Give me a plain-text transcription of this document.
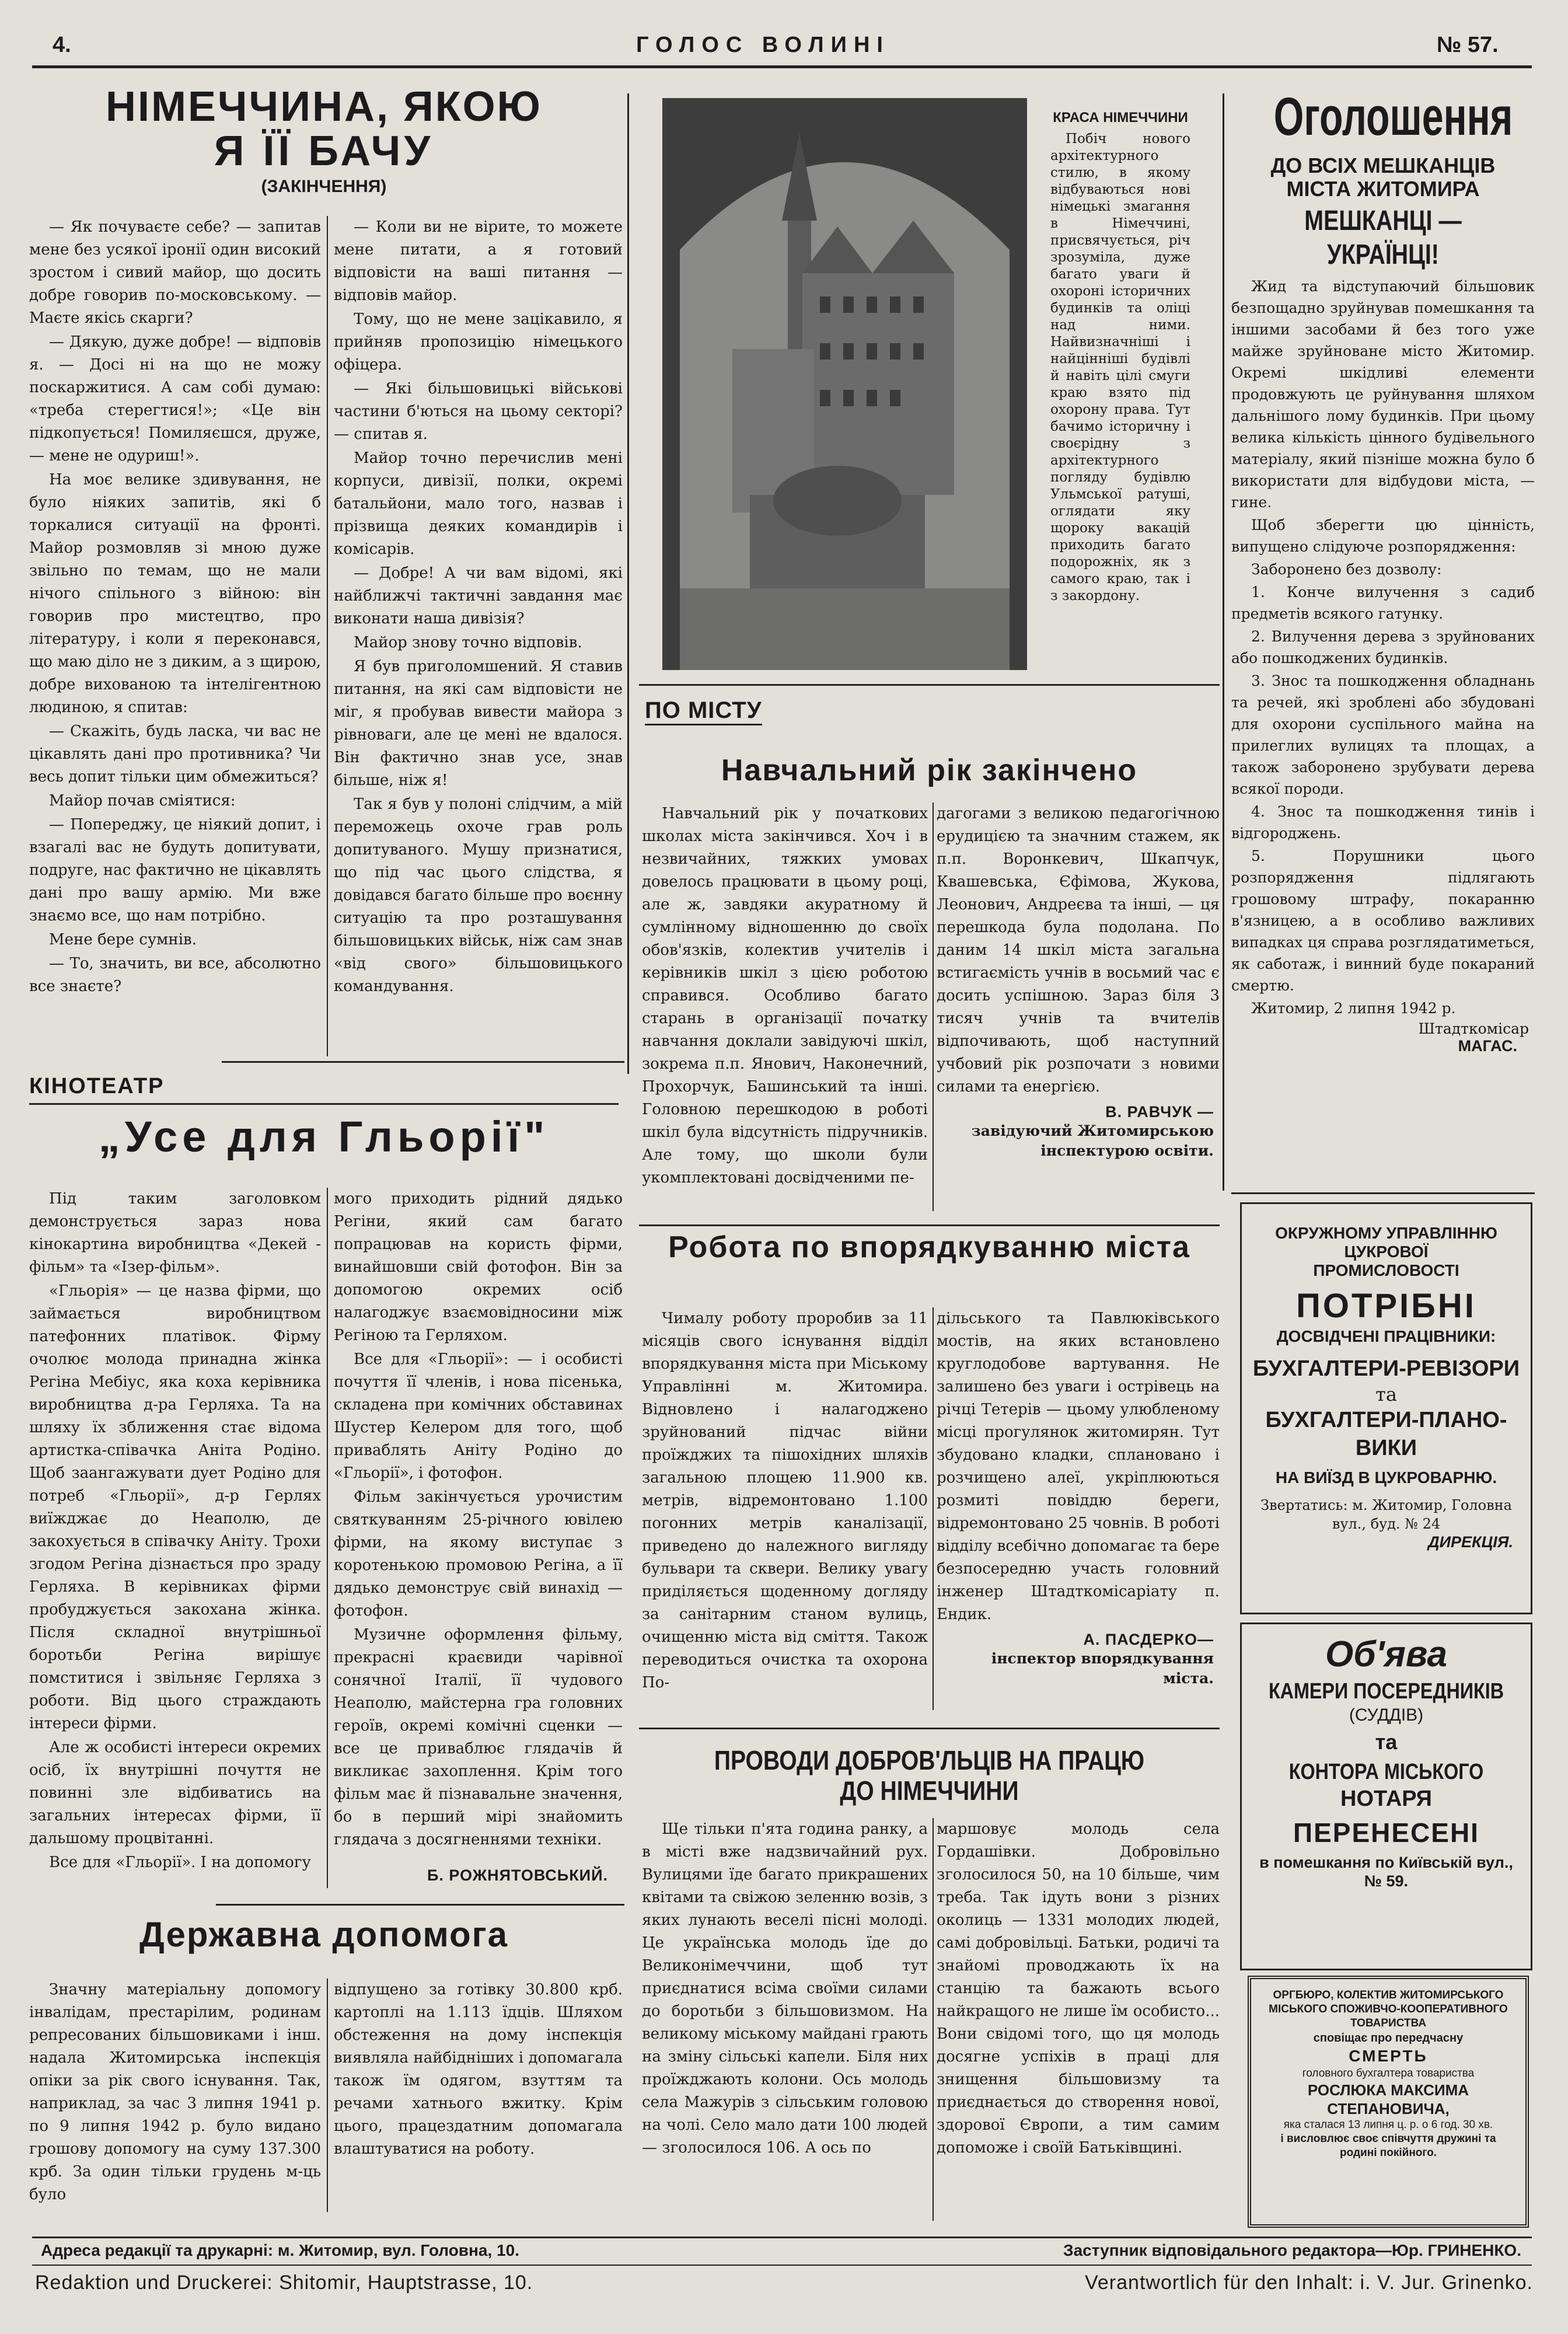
4.	ГОЛОС ВОЛИНІ	№ 57.
НІМЕЧЧИНА, ЯКОЮ
Я ЇЇ БАЧУ
(ЗАКІНЧЕННЯ)

— Як почуваєте себе? — запитав мене без усякої іронії один високий зростом і сивий майор, що досить добре говорив по-московському. — Маєте якісь скарги?

— Дякую, дуже добре! — відповів я. — Досі ні на що не можу поскаржитися. А сам собі думаю: «треба стерегтися!»; «Це він підкопується! Помиляєшся, друже, — мене не одуриш!».

На моє велике здивування, не було ніяких запитів, які б торкалися ситуації на фронті. Майор розмовляв зі мною дуже звільно по темам, що не мали нічого спільного з війною: він говорив про мистецтво, про літературу, і коли я переконався, що маю діло не з диким, а з щирою, добре вихованою та інтелігентною людиною, я спитав:

— Скажіть, будь ласка, чи вас не цікавлять дані про противника? Чи весь допит тільки цим обмежиться?

Майор почав сміятися:

— Попереджу, це ніякий допит, і взагалі вас не будуть допитувати, подруге, нас фактично не цікавлять дані про вашу армію. Ми вже знаємо все, що нам потрібно.

Мене бере сумнів.

— То, значить, ви все, абсолютно все знаєте?

— Коли ви не вірите, то можете мене питати, а я готовий відповісти на ваші питання — відповів майор.

Тому, що не мене зацікавило, я прийняв пропозицію німецького офіцера.

— Які більшовицькі військові частини б'ються на цьому секторі? — спитав я.

Майор точно перечислив мені корпуси, дивізії, полки, окремі батальйони, мало того, назвав і прізвища деяких командирів і комісарів.

— Добре! А чи вам відомі, які найближчі тактичні завдання має виконати наша дивізія?

Майор знову точно відповів.

Я був приголомшений. Я ставив питання, на які сам відповісти не міг, я пробував вивести майора з рівноваги, але це мені не вдалося. Він фактично знав усе, знав більше, ніж я!

Так я був у полоні слідчим, а мій переможець охоче грав роль допитуваного. Мушу признатися, що під час цього слідства, я довідався багато більше про воєнну ситуацію та про розташування більшовицьких військ, ніж сам знав «від свого» більшовицького командування.

КІНОТЕАТР
„Усе для Гльорії"

Під таким заголовком демонструється зараз нова кінокартина виробництва «Декей - фільм» та «Ізер-фільм».

«Гльорія» — це назва фірми, що займається виробництвом патефонних платівок. Фірму очолює молода принадна жінка Регіна Мебіус, яка коха керівника виробництва д-ра Герляха. Та на шляху їх зближення стає відома артистка-співачка Аніта Родіно. Щоб заангажувати дует Родіно для потреб «Гльорії», д-р Герлях виїжджає до Неаполю, де закохується в співачку Аніту. Трохи згодом Регіна дізнається про зраду Герляха. В керівниках фірми пробуджується закохана жінка. Після складної внутрішньої боротьби Регіна вирішує помститися і звільняє Герляха з роботи. Від цього страждають інтереси фірми.

Але ж особисті інтереси окремих осіб, їх внутрішні почуття не повинні зле відбиватись на загальних інтересах фірми, її дальшому процвітанні.

Все для «Гльорії». І на допомогу

мого приходить рідний дядько Регіни, який сам багато попрацював на користь фірми, винайшовши свій фотофон. Він за допомогою окремих осіб налагоджує взаємовідносини між Регіною та Герляхом.

Все для «Гльорії»: — і особисті почуття її членів, і нова пісенька, складена при комічних обставинах Шустер Келером для того, щоб приваблять Аніту Родіно до «Гльорії», і фотофон.

Фільм закінчується урочистим святкуванням 25-річного ювілею фірми, на якому виступає з коротенькою промовою Регіна, а її дядько демонструє свій винахід — фотофон.

Музичне оформлення фільму, прекрасні краєвиди чарівної сонячної Італії, її чудового Неаполю, майстерна гра головних героїв, окремі комічні сценки — все це приваблює глядачів й викликає захоплення. Крім того фільм має й пізнавальне значення, бо в перший мірі знайомить глядача з досягненнями техніки.

Б. РОЖНЯТОВСЬКИЙ.
Державна допомога

Значну матеріальну допомогу інвалідам, престарілим, родинам репресованих більшовиками і інш. надала Житомирська інспекція опіки за рік свого існування. Так, наприклад, за час 3 липня 1941 р. по 9 липня 1942 р. було видано грошову допомогу на суму 137.300 крб. За один тільки грудень м-ць було

відпущено за готівку 30.800 крб. картоплі на 1.113 їдців. Шляхом обстеження на дому інспекція виявляла найбідніших і допомагала також їм одягом, взуттям та речами хатнього вжитку. Крім цього, працездатним допомагала влаштуватися на роботу.

КРАСА НІМЕЧЧИНИ
Побіч нового архітектурного стилю, в якому відбуваються нові німецькі змагання в Німеччині, присвячується, річ зрозуміла, дуже багато уваги й охороні історичних будинків та оліці над ними. Найвизначніші і найцінніші будівлі й навіть цілі смуги краю взято під охорону права. Тут бачимо історичну і своєрідну з архітектурного погляду будівлю Ульмської ратуші, оглядати яку щороку вакацій приходить багато подорожніх, як з самого краю, так і з закордону.
ПО МІСТУ
Навчальний рік закінчено

Навчальний рік у початкових школах міста закінчився. Хоч і в незвичайних, тяжких умовах довелось працювати в цьому році, але ж, завдяки акуратному й сумлінному відношенню до своїх обов'язків, колектив учителів і керівників шкіл з цією роботою справився. Особливо багато старань в організації початку навчання доклали завідуючі шкіл, зокрема п.п. Янович, Наконечний, Прохорчук, Башинський та інші. Головною перешкодою в роботі шкіл була відсутність підручників. Але тому, що школи були укомплектовані досвідченими пе-

дагогами з великою педагогічною ерудицією та значним стажем, як п.п. Воронкевич, Шкапчук, Квашевська, Єфімова, Жукова, Леонович, Андреєва та інші, — ця перешкода була подолана. По даним 14 шкіл міста загальна встигаємість учнів в восьмий час є досить успішною. Зараз біля 3 тисяч учнів та вчителів відпочивають, щоб наступний учбовий рік розпочати з новими силами та енергією.

В. РАВЧУК —
завідуючий Житомирською інспектурою освіти.
Робота по впорядкуванню міста

Чималу роботу проробив за 11 місяців свого існування відділ впорядкування міста при Міському Управлінні м. Житомира. Відновлено і налагоджено зруйнований підчас війни проїжджих та пішохідних шляхів загальною площею 11.900 кв. метрів, відремонтовано 1.100 погонних метрів каналізації, приведено до належного вигляду бульвари та сквери. Велику увагу приділяється щоденному догляду за санітарним станом вулиць, очищенню міста від сміття. Також переводиться очистка та охорона По-

дільського та Павлюківського мостів, на яких встановлено круглодобове вартування. Не залишено без уваги і острівець на річці Тетерів — цьому улюбленому місці прогулянок житомирян. Тут збудовано кладки, сплановано і розчищено алеї, укріплюються розмиті повіддю береги, відремонтовано 25 човнів. В роботі відділу всебічно допомагає та бере безпосередню участь головний інженер Штадткомісаріату п. Ендик.

А. ПАСДЕРКО—
інспектор впорядкування міста.
ПРОВОДИ ДОБРОВ'ЛЬЦІВ НА ПРАЦЮ
ДО НІМЕЧЧИНИ

Ще тільки п'ята година ранку, а в місті вже надзвичайний рух. Вулицями їде багато прикрашених квітами та свіжою зеленню возів, з яких лунають веселі пісні молоді. Це українська молодь їде до Великонімеччини, щоб тут приєднатися всіма своїми силами до боротьби з більшовизмом. На великому міському майдані грають на зміну сільські капели. Біля них проїжджають колони. Ось молодь села Мажурів з сільським головою на чолі. Село мало дати 100 людей — зголосилося 106. А ось по

маршовує молодь села Гордашівки. Добровільно зголосилося 50, на 10 більше, чим треба. Так ідуть вони з різних околиць — 1331 молодих людей, самі добровільці. Батьки, родичі та знайомі проводжають їх на станцію та бажають всього найкращого не лише їм особисто... Вони свідомі того, що ця молодь досягне успіхів в праці для знищення більшовизму та приєднається до створення нової, здорової Європи, а тим самим допоможе і своїй Батьківщині.

Оголошення
ДО ВСІХ МЕШКАНЦІВ
МІСТА ЖИТОМИРА
МЕШКАНЦІ — УКРАЇНЦІ!

Жид та відступаючий більшовик безпощадно зруйнував помешкання та іншими засобами й без того уже майже зруйноване місто Житомир. Окремі шкідливі елементи продовжують це руйнування шляхом дальнішого лому будинків. При цьому велика кількість цінного будівельного матеріалу, який пізніше можна було б використати для відбудови міста, — гине.

Щоб зберегти цю цінність, випущено слідуюче розпорядження:

Заборонено без дозволу:

1. Конче вилучення з садиб предметів всякого гатунку.

2. Вилучення дерева з зруйнованих або пошкоджених будинків.

3. Знос та пошкодження обладнань та речей, які зроблені або збудовані для охорони суспільного майна на прилеглих вулицях та площах, а також заборонено зрубувати дерева всякої породи.

4. Знос та пошкодження тинів і відгороджень.

5. Порушники цього розпорядження підлягають грошовому штрафу, покаранню в'язницею, а в особливо важливих випадках ця справа розглядатиметься, як саботаж, і винний буде покараний смертю.

Житомир, 2 липня 1942 р.

Штадткомісар
МАГАС.
ОКРУЖНОМУ УПРАВЛІННЮ
ЦУКРОВОЇ
ПРОМИСЛОВОСТІ
ПОТРІБНІ
ДОСВІДЧЕНІ ПРАЦІВНИКИ:
БУХГАЛТЕРИ-РЕВІЗОРИ
та
БУХГАЛТЕРИ-ПЛАНО-
ВИКИ
НА ВИЇЗД В ЦУКРОВАРНЮ.
Звертатись: м. Житомир, Головна вул., буд. № 24
ДИРЕКЦІЯ.
Об'ява
КАМЕРИ ПОСЕРЕДНИКІВ
(СУДДІВ)
та
КОНТОРА МІСЬКОГО
НОТАРЯ
ПЕРЕНЕСЕНІ
в помешкання по Київській вул., № 59.
ОРГБЮРО, КОЛЕКТИВ ЖИТОМИРСЬКОГО МІСЬКОГО СПОЖИВЧО-КООПЕРАТИВНОГО ТОВАРИСТВА
сповіщає про передчасну
СМЕРТЬ
головного бухгалтера товариства
РОСЛЮКА МАКСИМА СТЕПАНОВИЧА,
яка сталася 13 липня ц. р. о 6 год. 30 хв.
і висловлює своє співчуття дружині та родині покійного.
Адреса редакції та друкарні: м. Житомир, вул. Головна, 10.	Заступник відповідального редактора—Юр. ГРИНЕНКО.
Redaktion und Druckerei: Shitomir, Hauptstrasse, 10.	Verantwortlich für den Inhalt: i. V. Jur. Grinenko.
